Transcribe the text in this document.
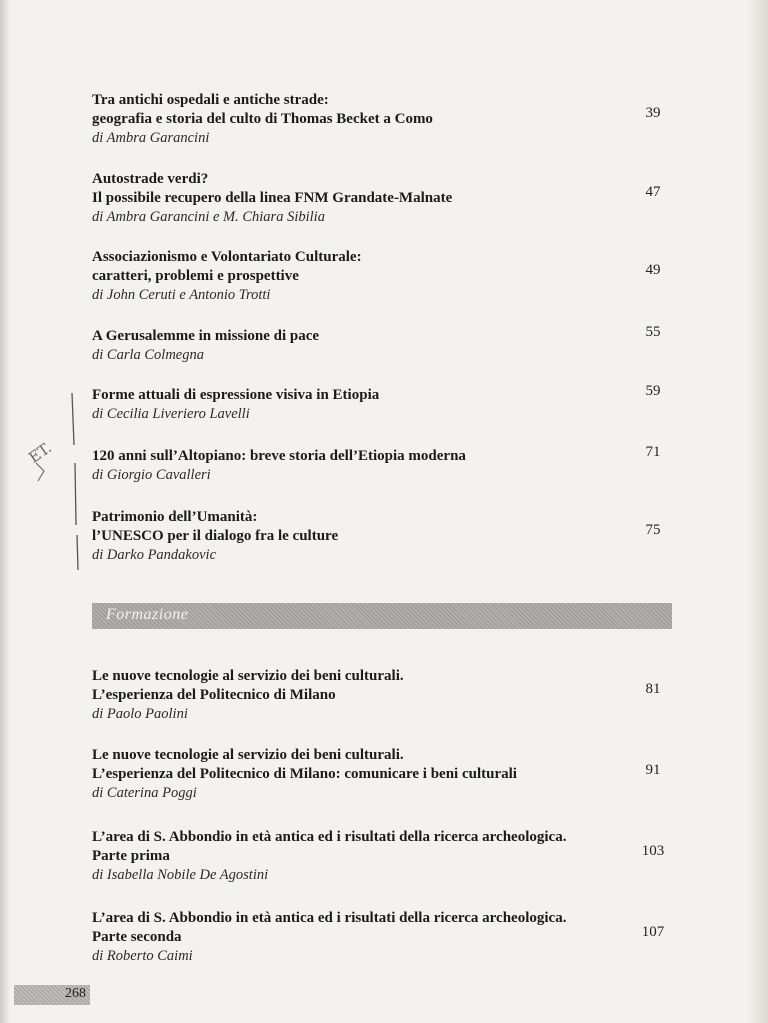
Tra antichi ospedali e antiche strade:
geografia e storia del culto di Thomas Becket a Como
di Ambra Garancini
39
Autostrade verdi?
Il possibile recupero della linea FNM Grandate-Malnate
di Ambra Garancini e M. Chiara Sibilia
47
Associazionismo e Volontariato Culturale:
caratteri, problemi e prospettive
di John Ceruti e Antonio Trotti
49
A Gerusalemme in missione di pace
di Carla Colmegna
55
Forme attuali di espressione visiva in Etiopia
di Cecilia Liveriero Lavelli
59
120 anni sull’Altopiano: breve storia dell’Etiopia moderna
di Giorgio Cavalleri
71
Patrimonio dell’Umanità:
l’UNESCO per il dialogo fra le culture
di Darko Pandakovic
75
Formazione
Le nuove tecnologie al servizio dei beni culturali.
L’esperienza del Politecnico di Milano
di Paolo Paolini
81
Le nuove tecnologie al servizio dei beni culturali.
L’esperienza del Politecnico di Milano: comunicare i beni culturali
di Caterina Poggi
91
L’area di S. Abbondio in età antica ed i risultati della ricerca archeologica.
Parte prima
di Isabella Nobile De Agostini
103
L’area di S. Abbondio in età antica ed i risultati della ricerca archeologica.
Parte seconda
di Roberto Caimi
107
ET.
268
